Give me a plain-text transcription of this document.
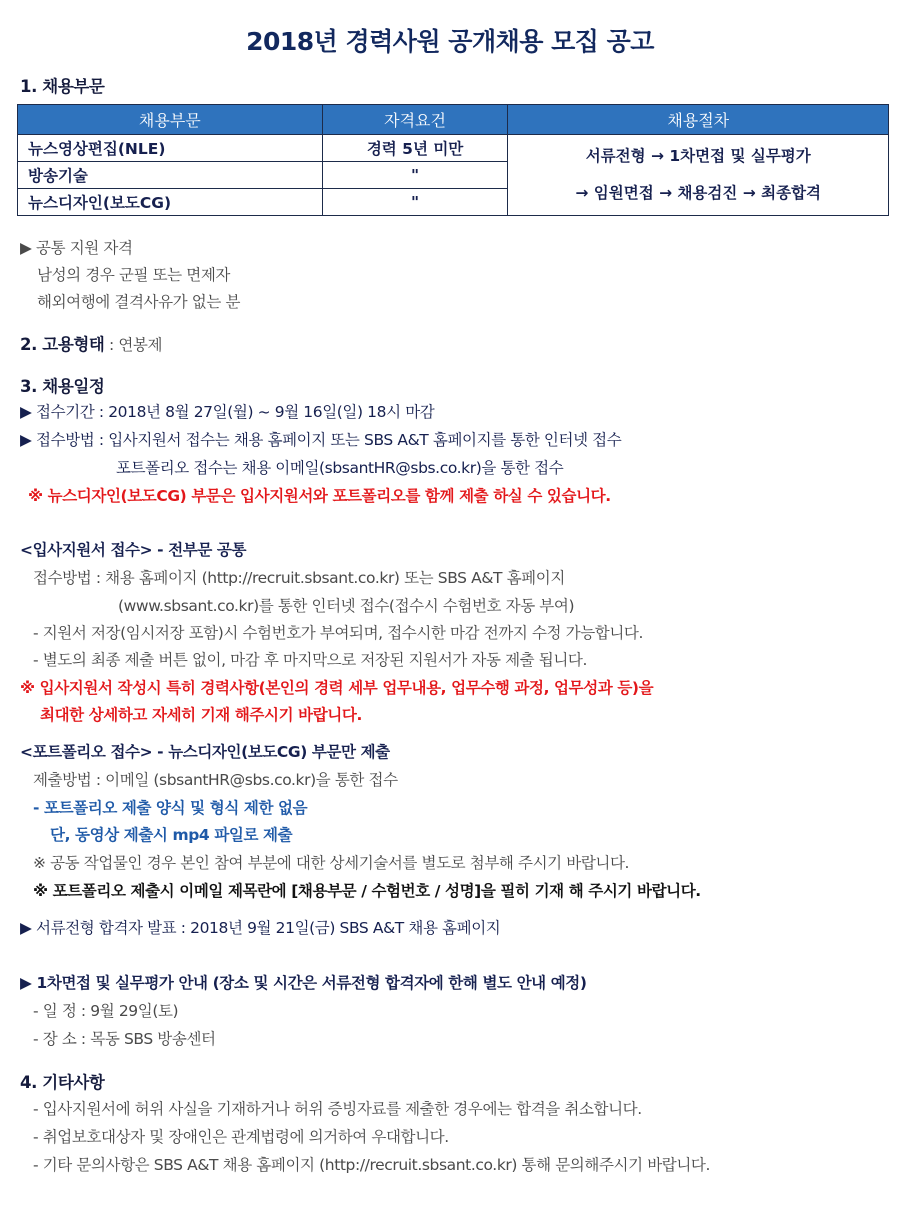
2018년 경력사원 공개채용 모집 공고
1. 채용부문
채용부문	자격요건	채용절차
뉴스영상편집(NLE)	경력 5년 미만	서류전형 → 1차면접 및 실무평가
→ 임원면접 → 채용검진 → 최종합격

방송기술	"	
뉴스디자인(보도CG)	"	
▶ 공통 지원 자격
남성의 경우 군필 또는 면제자
해외여행에 결격사유가 없는 분
2. 고용형태 : 연봉제
3. 채용일정
▶ 접수기간 : 2018년 8월 27일(월) ~ 9월 16일(일) 18시 마감
▶ 접수방법 : 입사지원서 접수는 채용 홈페이지 또는 SBS A&T 홈페이지를 통한 인터넷 접수
포트폴리오 접수는 채용 이메일(sbsantHR@sbs.co.kr)을 통한 접수
※ 뉴스디자인(보도CG) 부문은 입사지원서와 포트폴리오를 함께 제출 하실 수 있습니다.
<입사지원서 접수> - 전부문 공통
접수방법 : 채용 홈페이지 (http://recruit.sbsant.co.kr) 또는 SBS A&T 홈페이지
(www.sbsant.co.kr)를 통한 인터넷 접수(접수시 수험번호 자동 부여)
- 지원서 저장(임시저장 포함)시 수험번호가 부여되며, 접수시한 마감 전까지 수정 가능합니다.
- 별도의 최종 제출 버튼 없이, 마감 후 마지막으로 저장된 지원서가 자동 제출 됩니다.
※ 입사지원서 작성시 특히 경력사항(본인의 경력 세부 업무내용, 업무수행 과정, 업무성과 등)을
최대한 상세하고 자세히 기재 해주시기 바랍니다.
<포트폴리오 접수> - 뉴스디자인(보도CG) 부문만 제출
제출방법 : 이메일 (sbsantHR@sbs.co.kr)을 통한 접수
- 포트폴리오 제출 양식 및 형식 제한 없음
단, 동영상 제출시 mp4 파일로 제출
※ 공동 작업물인 경우 본인 참여 부분에 대한 상세기술서를 별도로 첨부해 주시기 바랍니다.
※ 포트폴리오 제출시 이메일 제목란에 [채용부문 / 수험번호 / 성명]을 필히 기재 해 주시기 바랍니다.
▶ 서류전형 합격자 발표 : 2018년 9월 21일(금) SBS A&T 채용 홈페이지
▶ 1차면접 및 실무평가 안내 (장소 및 시간은 서류전형 합격자에 한해 별도 안내 예정)
- 일 정 : 9월 29일(토)
- 장 소 : 목동 SBS 방송센터
4. 기타사항
- 입사지원서에 허위 사실을 기재하거나 허위 증빙자료를 제출한 경우에는 합격을 취소합니다.
- 취업보호대상자 및 장애인은 관계법령에 의거하여 우대합니다.
- 기타 문의사항은 SBS A&T 채용 홈페이지 (http://recruit.sbsant.co.kr) 통해 문의해주시기 바랍니다.
